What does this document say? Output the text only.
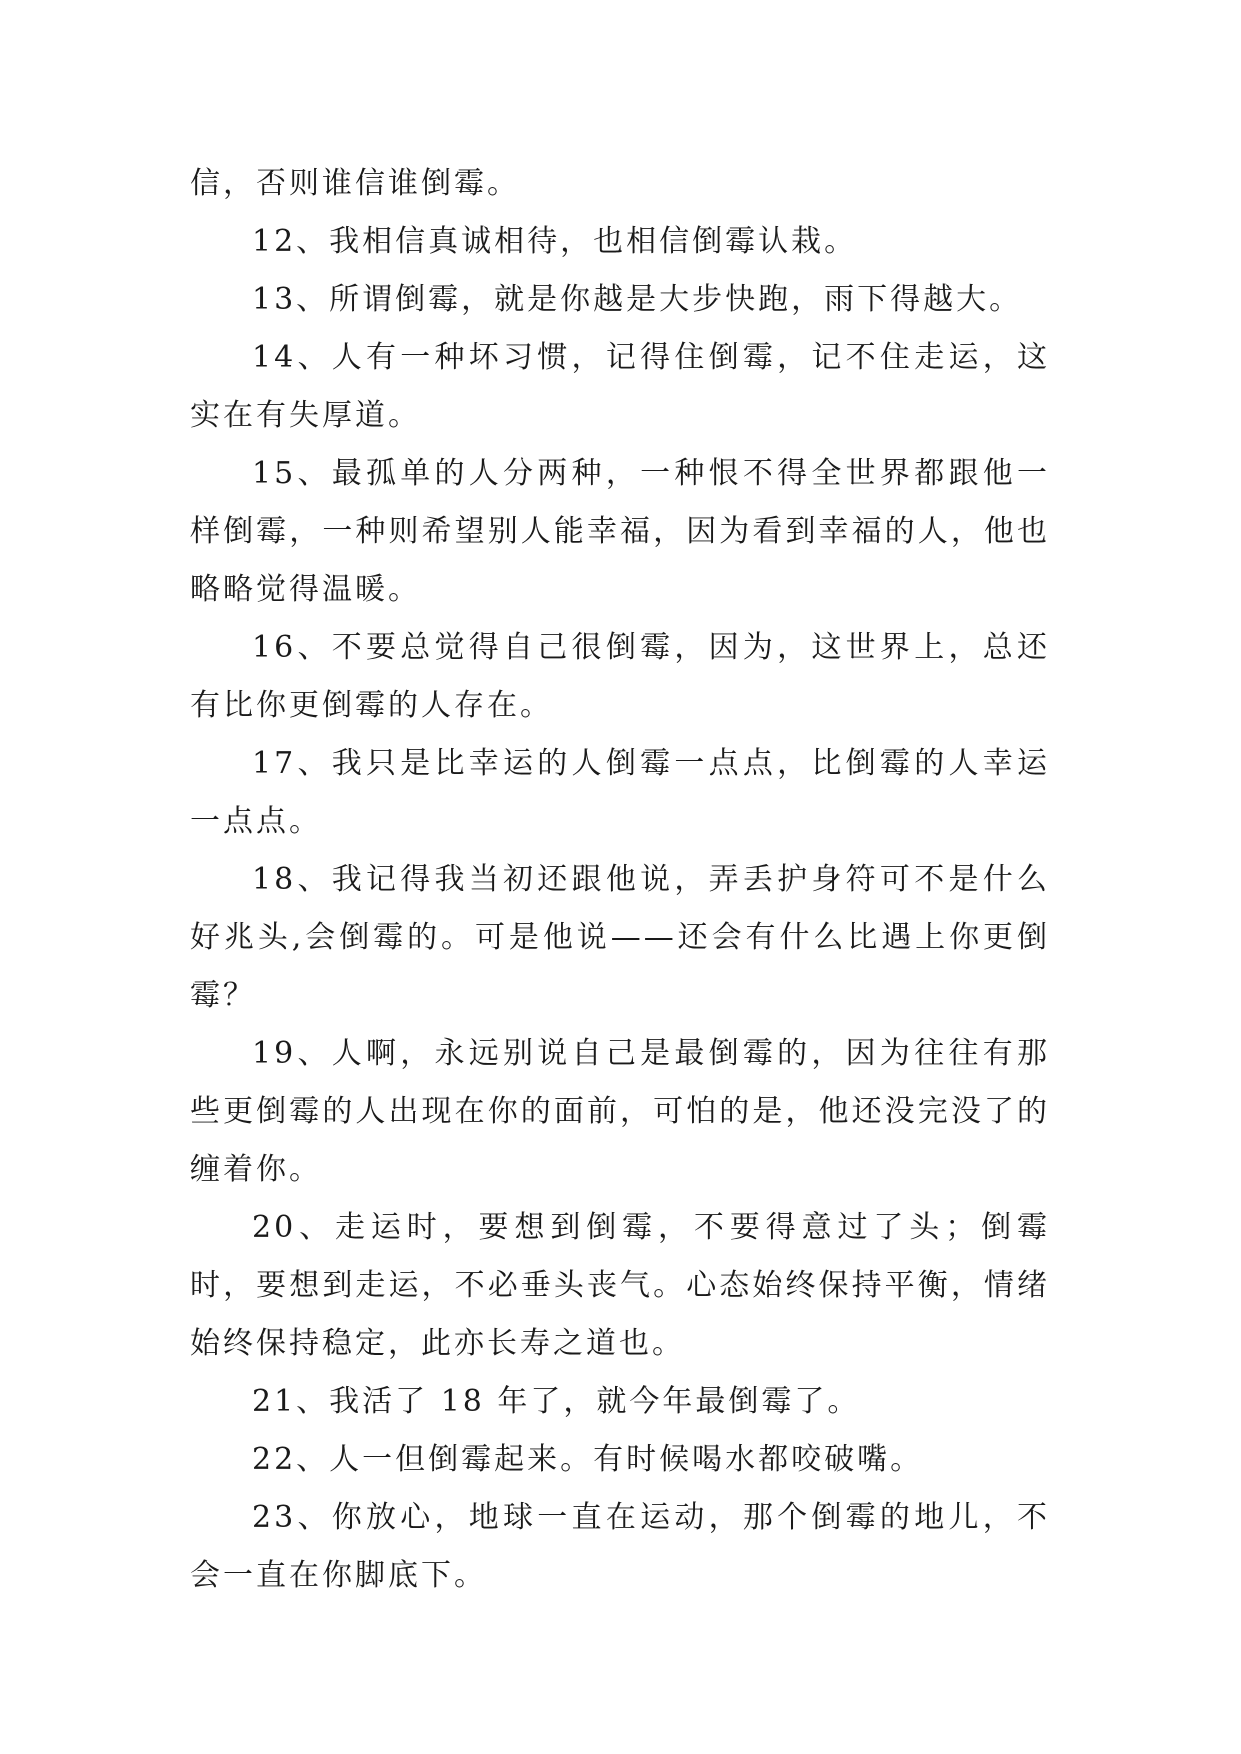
信，否则谁信谁倒霉。

12、我相信真诚相待，也相信倒霉认栽。

13、所谓倒霉，就是你越是大步快跑，雨下得越大。

14、人有一种坏习惯，记得住倒霉，记不住走运，这实在有失厚道。

15、最孤单的人分两种，一种恨不得全世界都跟他一样倒霉，一种则希望别人能幸福，因为看到幸福的人，他也略略觉得温暖。

16、不要总觉得自己很倒霉，因为，这世界上，总还有比你更倒霉的人存在。

17、我只是比幸运的人倒霉一点点，比倒霉的人幸运一点点。

18、我记得我当初还跟他说，弄丢护身符可不是什么好兆头,会倒霉的。可是他说——还会有什么比遇上你更倒霉？

19、人啊，永远别说自己是最倒霉的，因为往往有那些更倒霉的人出现在你的面前，可怕的是，他还没完没了的缠着你。

20、走运时，要想到倒霉，不要得意过了头；倒霉时，要想到走运，不必垂头丧气。心态始终保持平衡，情绪始终保持稳定，此亦长寿之道也。

21、我活了 18 年了，就今年最倒霉了。

22、人一但倒霉起来。有时候喝水都咬破嘴。

23、你放心，地球一直在运动，那个倒霉的地儿，不会一直在你脚底下。
